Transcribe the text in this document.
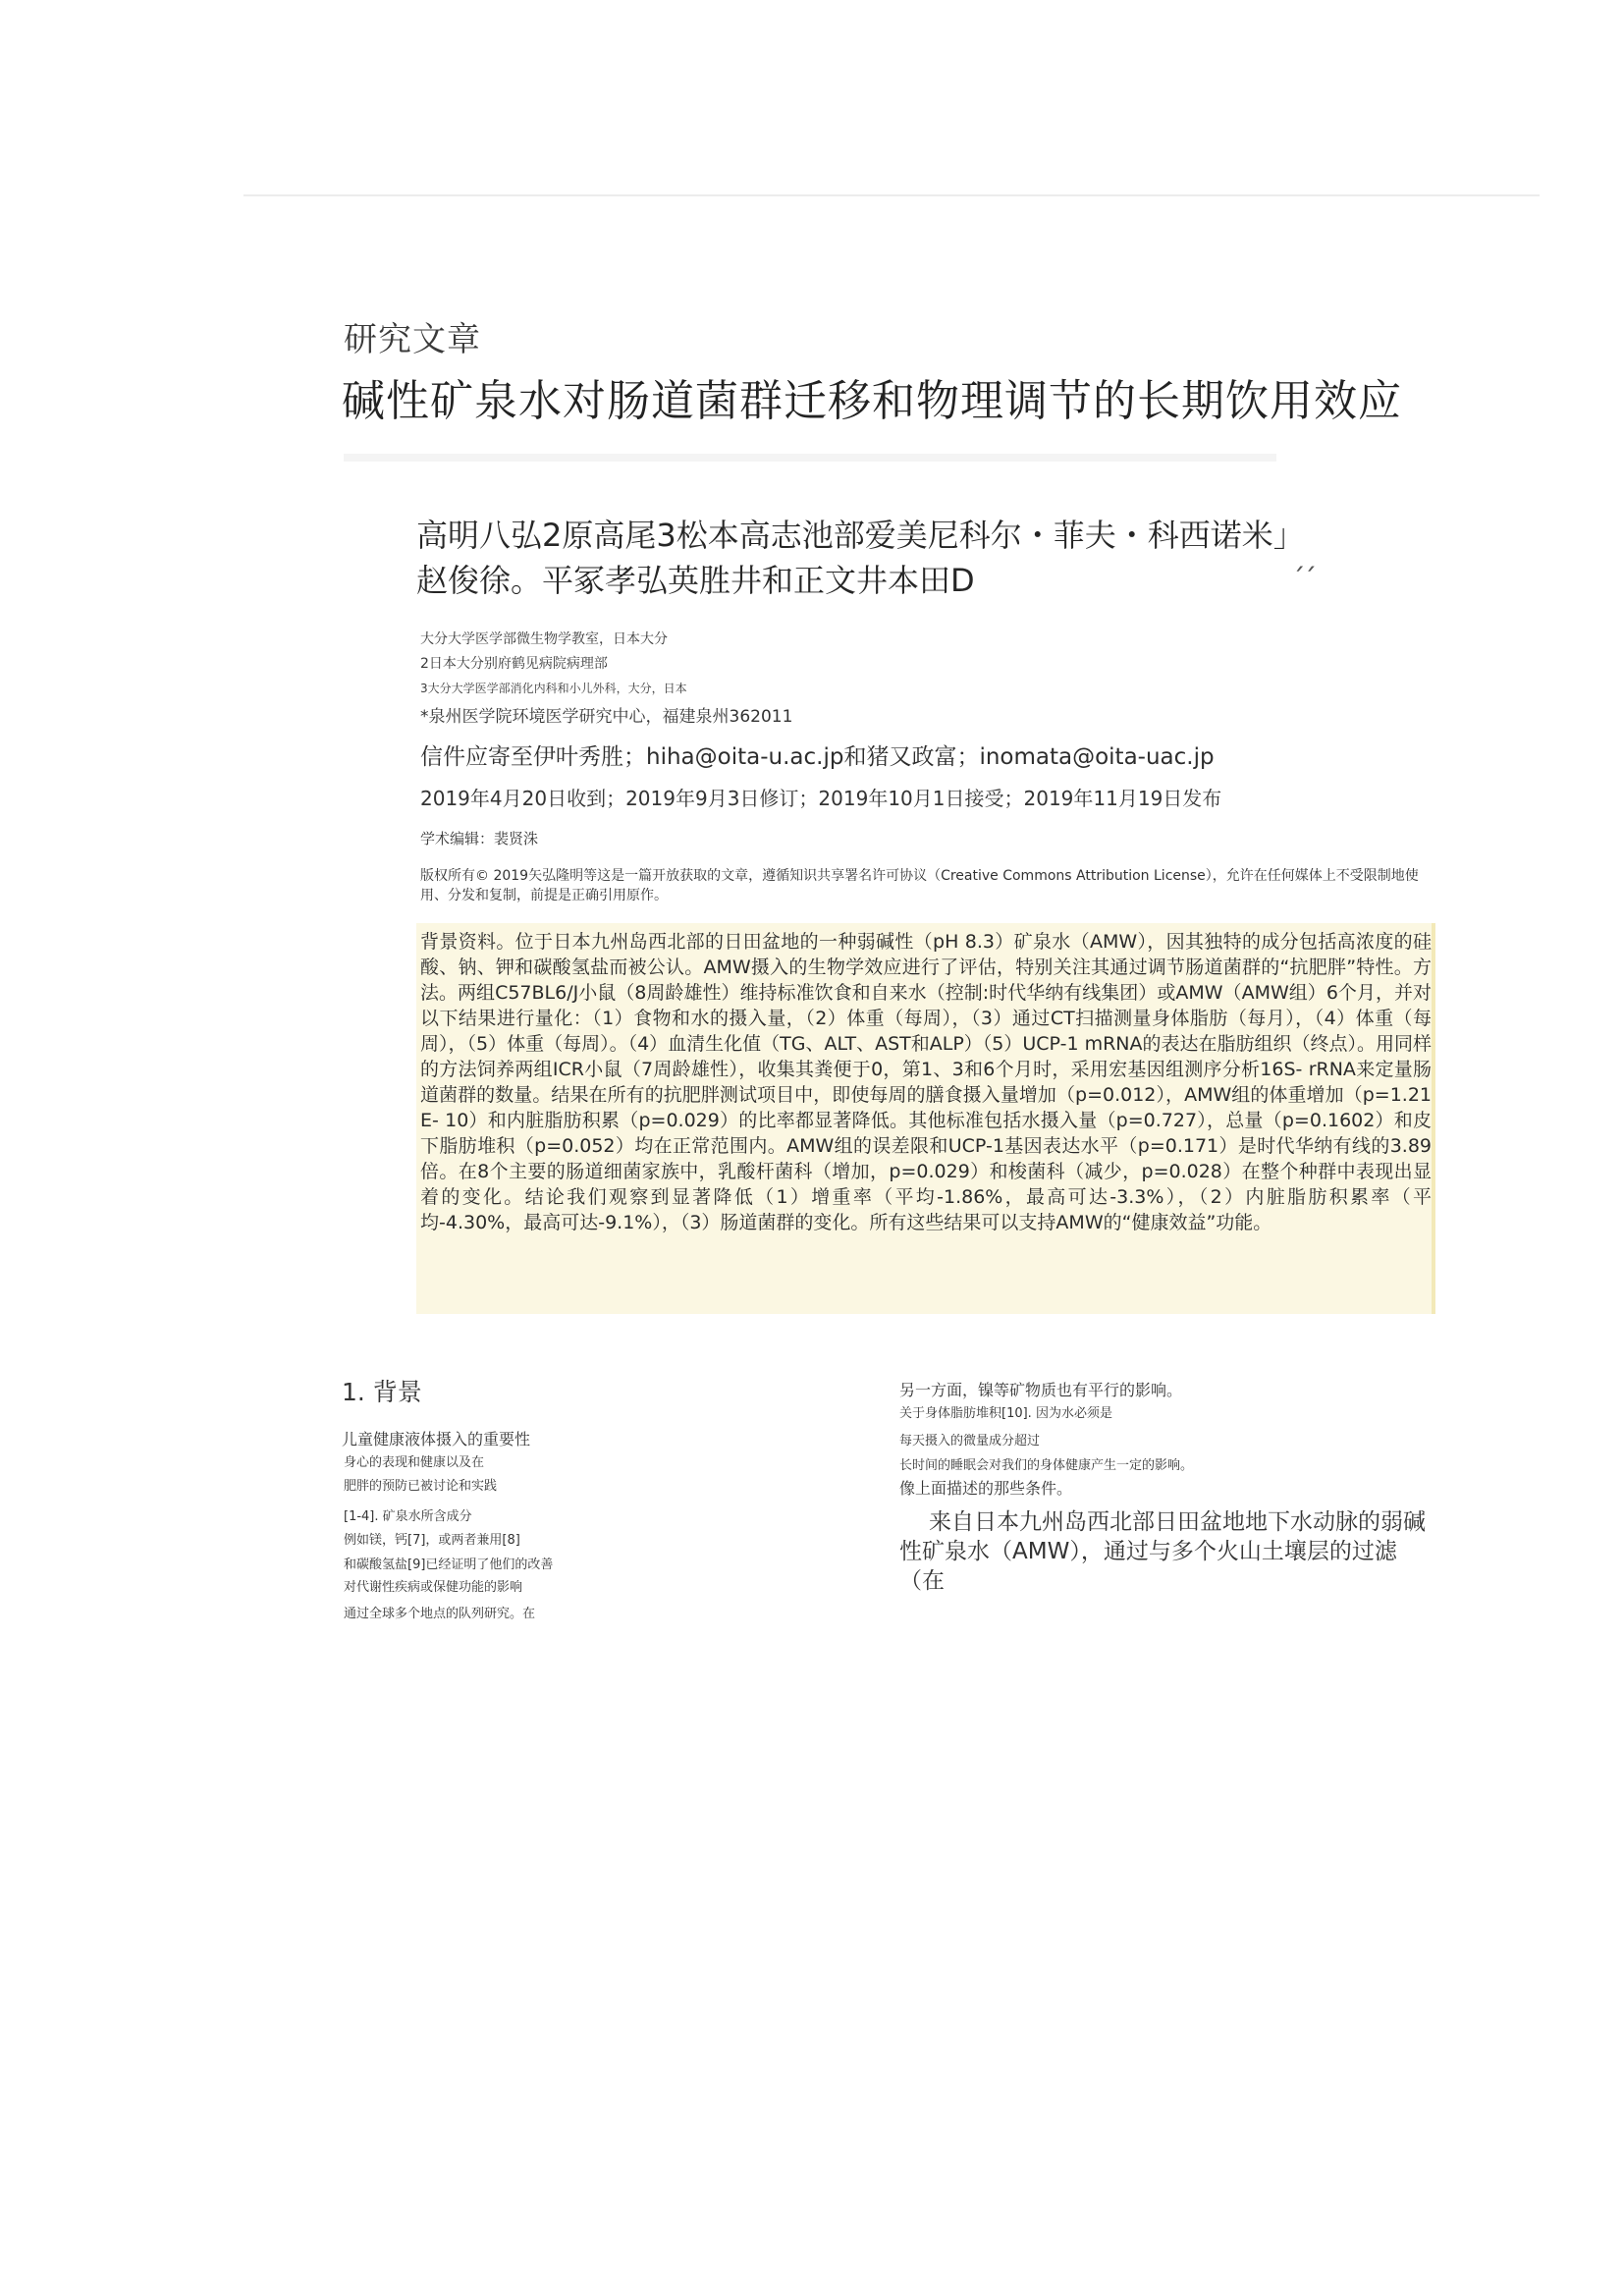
研究文章
碱性矿泉水对肠道菌群迁移和物理调节的长期饮用效应
高明八弘2原高尾3松本高志池部爱美尼科尔・菲夫・科西诺米」
赵俊徐。平冢孝弘英胜井和正文井本田D	׳׳
大分大学医学部微生物学教室，日本大分
2日本大分别府鹤见病院病理部
3大分大学医学部消化内科和小儿外科，大分，日本
*泉州医学院环境医学研究中心，福建泉州362011
信件应寄至伊叶秀胜；hiha@oita-u.ac.jp和猪又政富；inomata@oita-uac.jp
2019年4月20日收到；2019年9月3日修订；2019年10月1日接受；2019年11月19日发布
学术编辑：裴贤洙
版权所有© 2019矢弘隆明等这是一篇开放获取的文章，遵循知识共享署名许可协议（Creative Commons Attribution License），允许在任何媒体上不受限制地使用、分发和复制，前提是正确引用原作。
背景资料。位于日本九州岛西北部的日田盆地的一种弱碱性（pH 8.3）矿泉水（AMW），因其独特的成分包括高浓度的硅酸、钠、钾和碳酸氢盐而被公认。AMW摄入的生物学效应进行了评估，特别关注其通过调节肠道菌群的“抗肥胖”特性。方法。两组C57BL6/J小鼠（8周龄雄性）维持标准饮食和自来水（控制:时代华纳有线集团）或AMW（AMW组）6个月，并对以下结果进行量化：（1）食物和水的摄入量，（2）体重（每周），（3）通过CT扫描测量身体脂肪（每月），（4）体重（每周），（5）体重（每周）。（4）血清生化值（TG、ALT、AST和ALP）（5）UCP-1 mRNA的表达在脂肪组织（终点）。用同样的方法饲养两组ICR小鼠（7周龄雄性），收集其粪便于0，第1、3和6个月时，采用宏基因组测序分析16S- rRNA来定量肠道菌群的数量。结果在所有的抗肥胖测试项目中，即使每周的膳食摄入量增加（p=0.012），AMW组的体重增加（p=1.21 E- 10）和内脏脂肪积累（p=0.029）的比率都显著降低。其他标准包括水摄入量（p=0.727），总量（p=0.1602）和皮下脂肪堆积（p=0.052）均在正常范围内。AMW组的误差限和UCP-1基因表达水平（p=0.171）是时代华纳有线的3.89倍。在8个主要的肠道细菌家族中，乳酸杆菌科（增加，p=0.029）和梭菌科（减少，p=0.028）在整个种群中表现出显着的变化。结论我们观察到显著降低（1）增重率（平均-1.86%，最高可达-3.3%），（2）内脏脂肪积累率（平均-4.30%，最高可达-9.1%），（3）肠道菌群的变化。所有这些结果可以支持AMW的“健康效益”功能。
1. 背景
儿童健康液体摄入的重要性
身心的表现和健康以及在
肥胖的预防已被讨论和实践
[1-4]. 矿泉水所含成分
例如镁，钙[7]，或两者兼用[8]
和碳酸氢盐[9]已经证明了他们的改善
对代谢性疾病或保健功能的影响
通过全球多个地点的队列研究。在
另一方面，镍等矿物质也有平行的影响。
关于身体脂肪堆积[10]. 因为水必须是
每天摄入的微量成分超过
长时间的睡眠会对我们的身体健康产生一定的影响。
像上面描述的那些条件。
来自日本九州岛西北部日田盆地地下水动脉的弱碱性矿泉水（AMW），通过与多个火山土壤层的过滤（在
